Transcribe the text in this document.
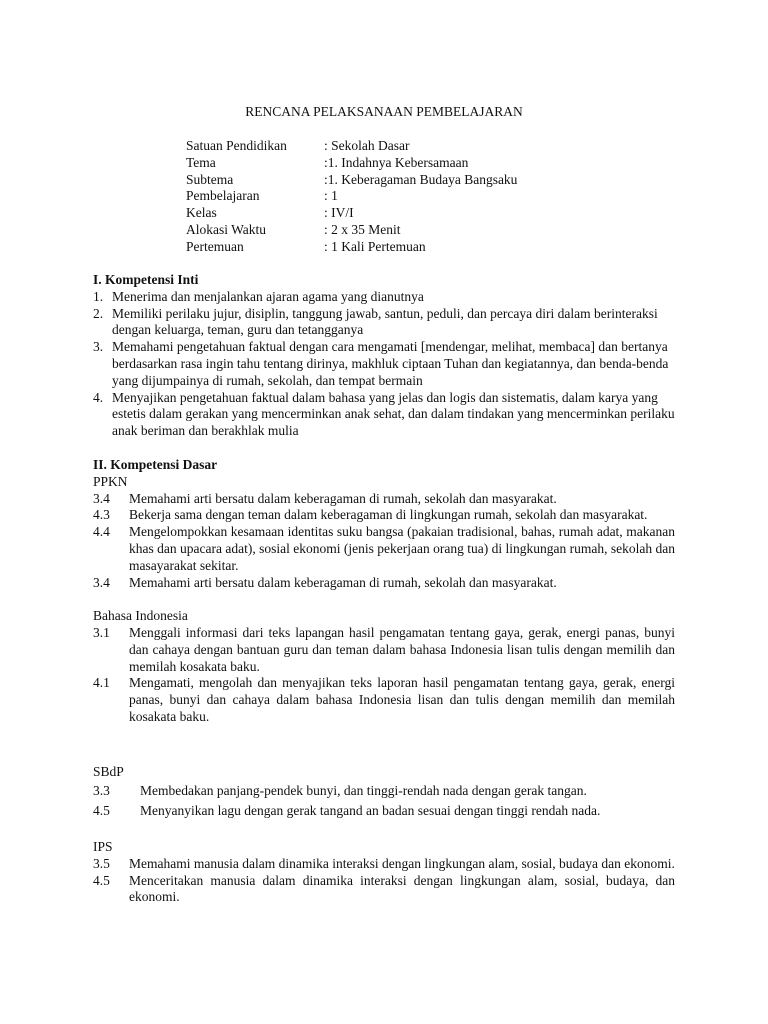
RENCANA PELAKSANAAN PEMBELAJARAN
Satuan Pendidikan	: Sekolah Dasar
Tema	:1. Indahnya Kebersamaan
Subtema	:1. Keberagaman Budaya Bangsaku
Pembelajaran	: 1
Kelas	: IV/I
Alokasi Waktu	: 2 x 35 Menit
Pertemuan	: 1 Kali Pertemuan
I. Kompetensi Inti
1. Menerima dan menjalankan ajaran agama yang dianutnya
2. Memiliki perilaku jujur, disiplin, tanggung jawab, santun, peduli, dan percaya diri dalam berinteraksi dengan keluarga, teman, guru dan tetangganya
3. Memahami pengetahuan faktual dengan cara mengamati [mendengar, melihat, membaca] dan bertanya berdasarkan rasa ingin tahu tentang dirinya, makhluk ciptaan Tuhan dan kegiatannya, dan benda-benda yang dijumpainya di rumah, sekolah, dan tempat bermain
4. Menyajikan pengetahuan faktual dalam bahasa yang jelas dan logis dan sistematis, dalam karya yang estetis dalam gerakan yang mencerminkan anak sehat, dan dalam tindakan yang mencerminkan perilaku anak beriman dan berakhlak mulia
II. Kompetensi Dasar
PPKN
3.4 Memahami arti bersatu dalam keberagaman di rumah, sekolah dan masyarakat.
4.3 Bekerja sama dengan teman dalam keberagaman di lingkungan rumah, sekolah dan masyarakat.
4.4 Mengelompokkan kesamaan identitas suku bangsa (pakaian tradisional, bahas, rumah adat, makanan khas dan upacara adat), sosial ekonomi (jenis pekerjaan orang tua) di lingkungan rumah, sekolah dan masayarakat sekitar.
3.4 Memahami arti bersatu dalam keberagaman di rumah, sekolah dan masyarakat.
Bahasa Indonesia
3.1 Menggali informasi dari teks lapangan hasil pengamatan tentang gaya, gerak, energi panas, bunyi dan cahaya dengan bantuan guru dan teman dalam bahasa Indonesia lisan tulis dengan memilih dan memilah kosakata baku.
4.1 Mengamati, mengolah dan menyajikan teks laporan hasil pengamatan tentang gaya, gerak, energi panas, bunyi dan cahaya dalam bahasa Indonesia lisan dan tulis dengan memilih dan memilah kosakata baku.
SBdP
3.3 Membedakan panjang-pendek bunyi, dan tinggi-rendah nada dengan gerak tangan.
4.5 Menyanyikan lagu dengan gerak tangand an badan sesuai dengan tinggi rendah nada.
IPS
3.5 Memahami manusia dalam dinamika interaksi dengan lingkungan alam, sosial, budaya dan ekonomi.
4.5 Menceritakan manusia dalam dinamika interaksi dengan lingkungan alam, sosial, budaya, dan ekonomi.
